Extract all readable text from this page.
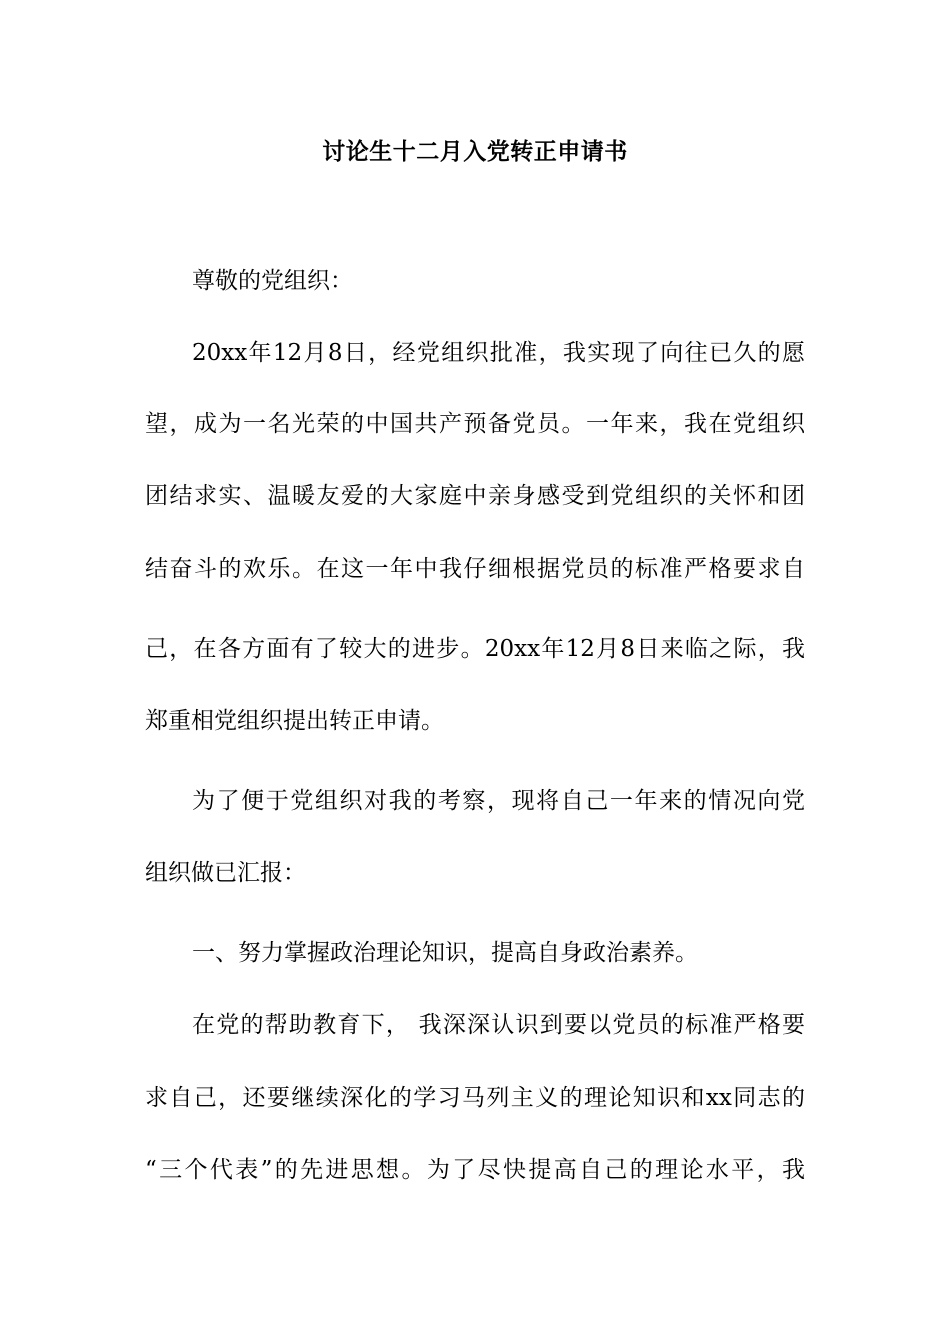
讨论生十二月入党转正申请书
尊敬的党组织：
20xx年12月8日，经党组织批准，我实现了向往已久的愿
望，成为一名光荣的中国共产预备党员。一年来，我在党组织
团结求实、温暖友爱的大家庭中亲身感受到党组织的关怀和团
结奋斗的欢乐。在这一年中我仔细根据党员的标准严格要求自
己，在各方面有了较大的进步。20xx年12月8日来临之际，我
郑重相党组织提出转正申请。
为了便于党组织对我的考察，现将自己一年来的情况向党
组织做已汇报：
一、努力掌握政治理论知识，提高自身政治素养。
在党的帮助教育下， 我深深认识到要以党员的标准严格要
求自己，还要继续深化的学习马列主义的理论知识和xx同志的
“三个代表”的先进思想。为了尽快提高自己的理论水平，我
